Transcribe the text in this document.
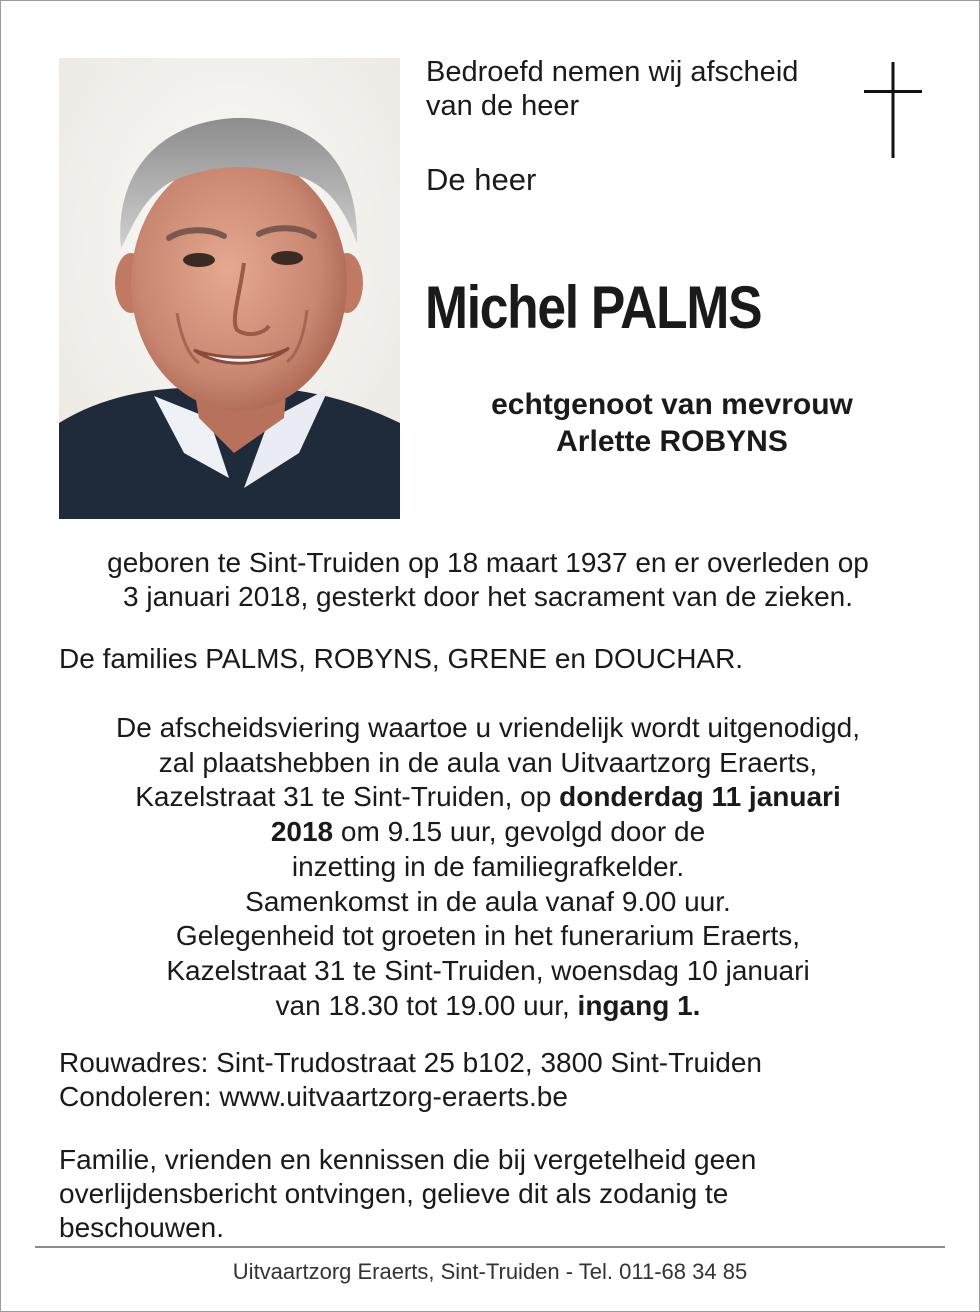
Bedroefd nemen wij afscheid
van de heer

De heer

Michel PALMS

echtgenoot van mevrouw
Arlette ROBYNS

geboren te Sint-Truiden op 18 maart 1937 en er overleden op
3 januari 2018, gesterkt door het sacrament van de zieken.

De families PALMS, ROBYNS, GRENE en DOUCHAR.

De afscheidsviering waartoe u vriendelijk wordt uitgenodigd,
zal plaatshebben in de aula van Uitvaartzorg Eraerts,
Kazelstraat 31 te Sint-Truiden, op donderdag 11 januari
2018 om 9.15 uur, gevolgd door de
inzetting in de familiegrafkelder.
Samenkomst in de aula vanaf 9.00 uur.
Gelegenheid tot groeten in het funerarium Eraerts,
Kazelstraat 31 te Sint-Truiden, woensdag 10 januari
van 18.30 tot 19.00 uur, ingang 1.

Rouwadres: Sint-Trudostraat 25 b102, 3800 Sint-Truiden
Condoleren: www.uitvaartzorg-eraerts.be

Familie, vrienden en kennissen die bij vergetelheid geen
overlijdensbericht ontvingen, gelieve dit als zodanig te
beschouwen.

Uitvaartzorg Eraerts, Sint-Truiden - Tel. 011-68 34 85
